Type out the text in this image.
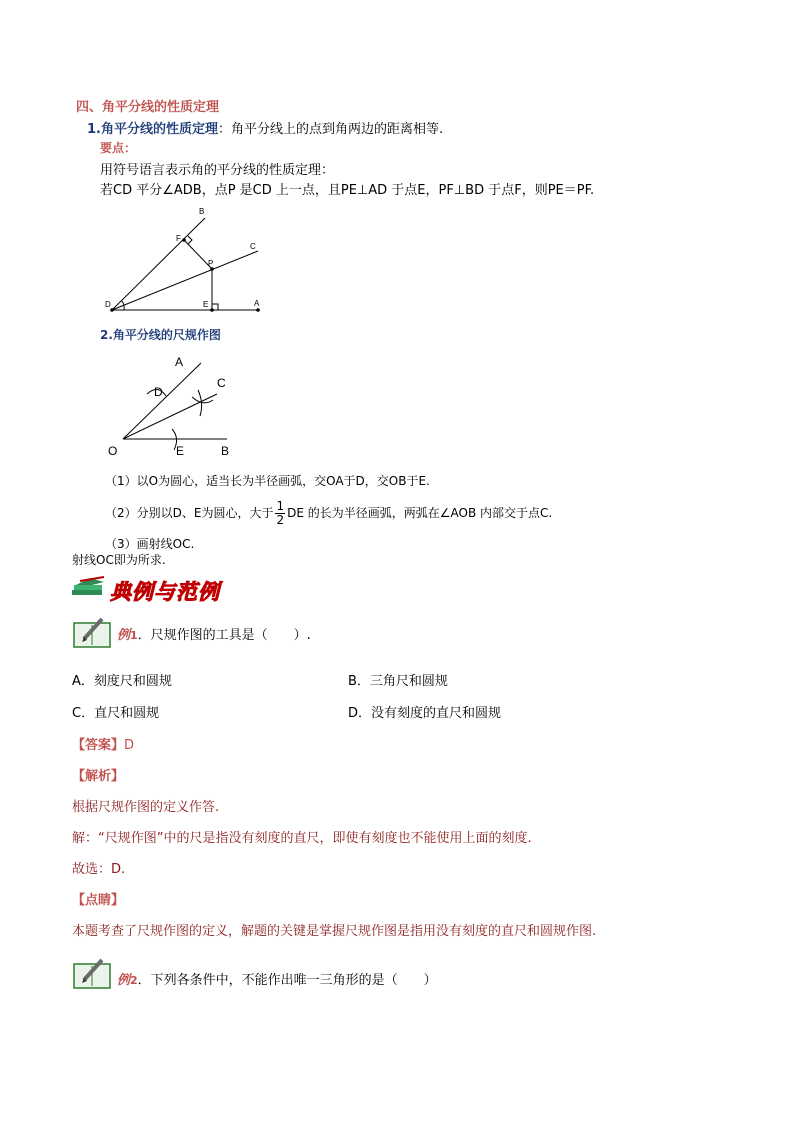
四、角平分线的性质定理
1.角平分线的性质定理：角平分线上的点到角两边的距离相等.
要点：
用符号语言表示角的平分线的性质定理：
若CD 平分∠ADB，点P 是CD 上一点，且PE⊥AD 于点E，PF⊥BD 于点F，则PE＝PF.
B
F
C
P
D	E	A
2.角平分线的尺规作图
A
D
C
O	E	B
（1）以O为圆心，适当长为半径画弧，交OA于D，交OB于E.
（2）分别以D、E为圆心，大于 $\frac{1}{2}$ DE 的长为半径画弧，两弧在∠AOB 内部交于点C.
（3）画射线OC.
射线OC即为所求.
典例与范例
例1．尺规作图的工具是（　　）.
A．刻度尺和圆规	B．三角尺和圆规
C．直尺和圆规	D．没有刻度的直尺和圆规
【答案】D
【解析】
根据尺规作图的定义作答.
解：“尺规作图”中的尺是指没有刻度的直尺，即使有刻度也不能使用上面的刻度.
故选：D.
【点睛】
本题考查了尺规作图的定义，解题的关键是掌握尺规作图是指用没有刻度的直尺和圆规作图.
例2．下列各条件中，不能作出唯一三角形的是（　　）
